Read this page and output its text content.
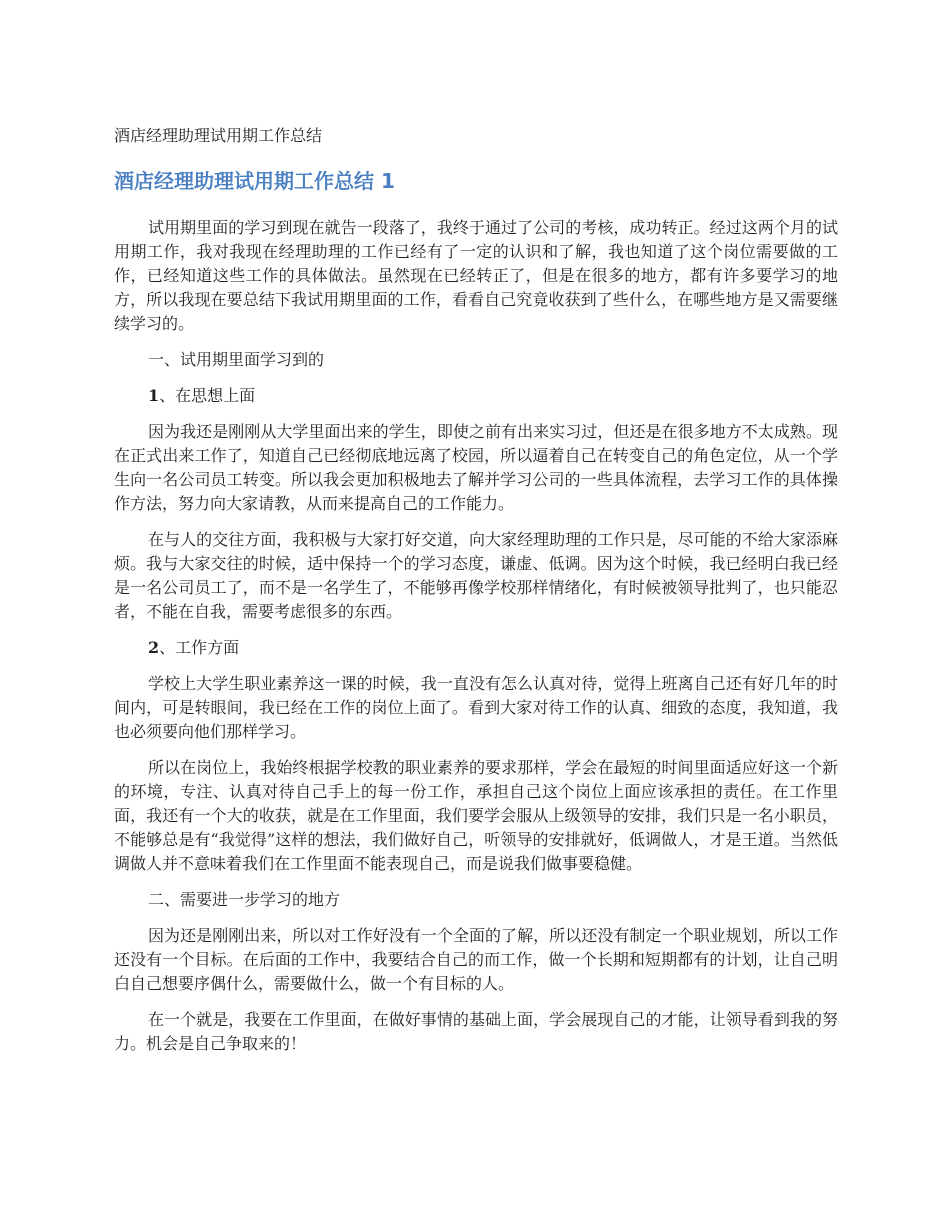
酒店经理助理试用期工作总结
酒店经理助理试用期工作总结 1

试用期里面的学习到现在就告一段落了，我终于通过了公司的考核，成功转正。经过这两个月的试用期工作，我对我现在经理助理的工作已经有了一定的认识和了解，我也知道了这个岗位需要做的工作，已经知道这些工作的具体做法。虽然现在已经转正了，但是在很多的地方，都有许多要学习的地方，所以我现在要总结下我试用期里面的工作，看看自己究竟收获到了些什么，在哪些地方是又需要继续学习的。

一、试用期里面学习到的

1、在思想上面

因为我还是刚刚从大学里面出来的学生，即使之前有出来实习过，但还是在很多地方不太成熟。现在正式出来工作了，知道自己已经彻底地远离了校园，所以逼着自己在转变自己的角色定位，从一个学生向一名公司员工转变。所以我会更加积极地去了解并学习公司的一些具体流程，去学习工作的具体操作方法，努力向大家请教，从而来提高自己的工作能力。

在与人的交往方面，我积极与大家打好交道，向大家经理助理的工作只是，尽可能的不给大家添麻烦。我与大家交往的时候，适中保持一个的学习态度，谦虚、低调。因为这个时候，我已经明白我已经是一名公司员工了，而不是一名学生了，不能够再像学校那样情绪化，有时候被领导批判了，也只能忍者，不能在自我，需要考虑很多的东西。

2、工作方面

学校上大学生职业素养这一课的时候，我一直没有怎么认真对待，觉得上班离自己还有好几年的时间内，可是转眼间，我已经在工作的岗位上面了。看到大家对待工作的认真、细致的态度，我知道，我也必须要向他们那样学习。

所以在岗位上，我始终根据学校教的职业素养的要求那样，学会在最短的时间里面适应好这一个新的环境，专注、认真对待自己手上的每一份工作，承担自己这个岗位上面应该承担的责任。在工作里面，我还有一个大的收获，就是在工作里面，我们要学会服从上级领导的安排，我们只是一名小职员，不能够总是有“我觉得”这样的想法，我们做好自己，听领导的安排就好，低调做人，才是王道。当然低调做人并不意味着我们在工作里面不能表现自己，而是说我们做事要稳健。

二、需要进一步学习的地方

因为还是刚刚出来，所以对工作好没有一个全面的了解，所以还没有制定一个职业规划，所以工作还没有一个目标。在后面的工作中，我要结合自己的而工作，做一个长期和短期都有的计划，让自己明白自己想要序偶什么，需要做什么，做一个有目标的人。

在一个就是，我要在工作里面，在做好事情的基础上面，学会展现自己的才能，让领导看到我的努力。机会是自己争取来的！
